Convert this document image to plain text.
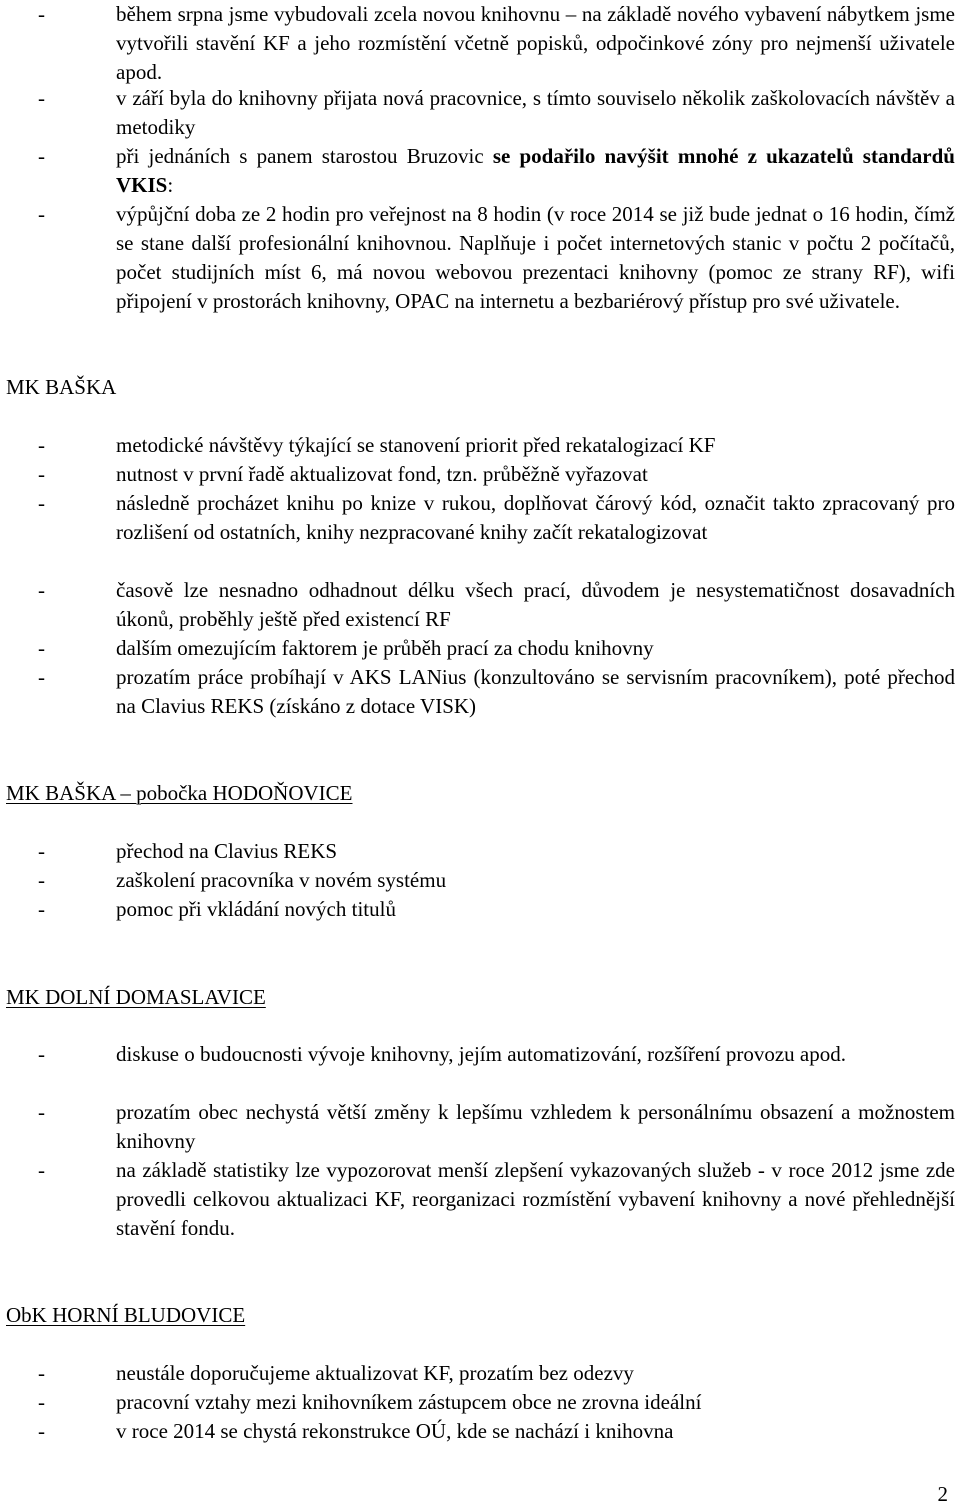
-	během srpna jsme vybudovali zcela novou knihovnu – na základě nového vybavení nábytkem jsme vytvořili stavění KF a jeho rozmístění včetně popisků, odpočinkové zóny pro nejmenší uživatele apod.
-	v září byla do knihovny přijata nová pracovnice, s tímto souviselo několik zaškolovacích návštěv a metodiky
-	při jednáních s panem starostou Bruzovic se podařilo navýšit mnohé z ukazatelů standardů VKIS:
-	výpůjční doba ze 2 hodin pro veřejnost na 8 hodin (v roce 2014 se již bude jednat o 16 hodin, čímž se stane další profesionální knihovnou. Naplňuje i počet internetových stanic v počtu 2 počítačů, počet studijních míst 6, má novou webovou prezentaci knihovny (pomoc ze strany RF), wifi připojení v prostorách knihovny, OPAC na internetu a bezbariérový přístup pro své uživatele.
MK BAŠKA
-	metodické návštěvy týkající se stanovení priorit před rekatalogizací KF
-	nutnost v první řadě aktualizovat fond, tzn. průběžně vyřazovat
-	následně procházet knihu po knize v rukou, doplňovat čárový kód, označit takto zpracovaný pro rozlišení od ostatních, knihy nezpracované knihy začít rekatalogizovat
-	časově lze nesnadno odhadnout délku všech prací, důvodem je nesystematičnost dosavadních úkonů, proběhly ještě před existencí RF
-	dalším omezujícím faktorem je průběh prací za chodu knihovny
-	prozatím práce probíhají v AKS LANius (konzultováno se servisním pracovníkem), poté přechod na Clavius REKS (získáno z dotace VISK)
MK BAŠKA – pobočka HODOŇOVICE
-	přechod na Clavius REKS
-	zaškolení pracovníka v novém systému
-	pomoc při vkládání nových titulů
MK DOLNÍ DOMASLAVICE
-	diskuse o budoucnosti vývoje knihovny, jejím automatizování, rozšíření provozu apod.
-	prozatím obec nechystá větší změny k lepšímu vzhledem k personálnímu obsazení a možnostem knihovny
-	na základě statistiky lze vypozorovat menší zlepšení vykazovaných služeb - v roce 2012 jsme zde provedli celkovou aktualizaci KF, reorganizaci rozmístění vybavení knihovny a nové přehlednější stavění fondu.
ObK HORNÍ BLUDOVICE
-	neustále doporučujeme aktualizovat KF, prozatím bez odezvy
-	pracovní vztahy mezi knihovníkem zástupcem obce ne zrovna ideální
-	v roce 2014 se chystá rekonstrukce OÚ, kde se nachází i knihovna
2
